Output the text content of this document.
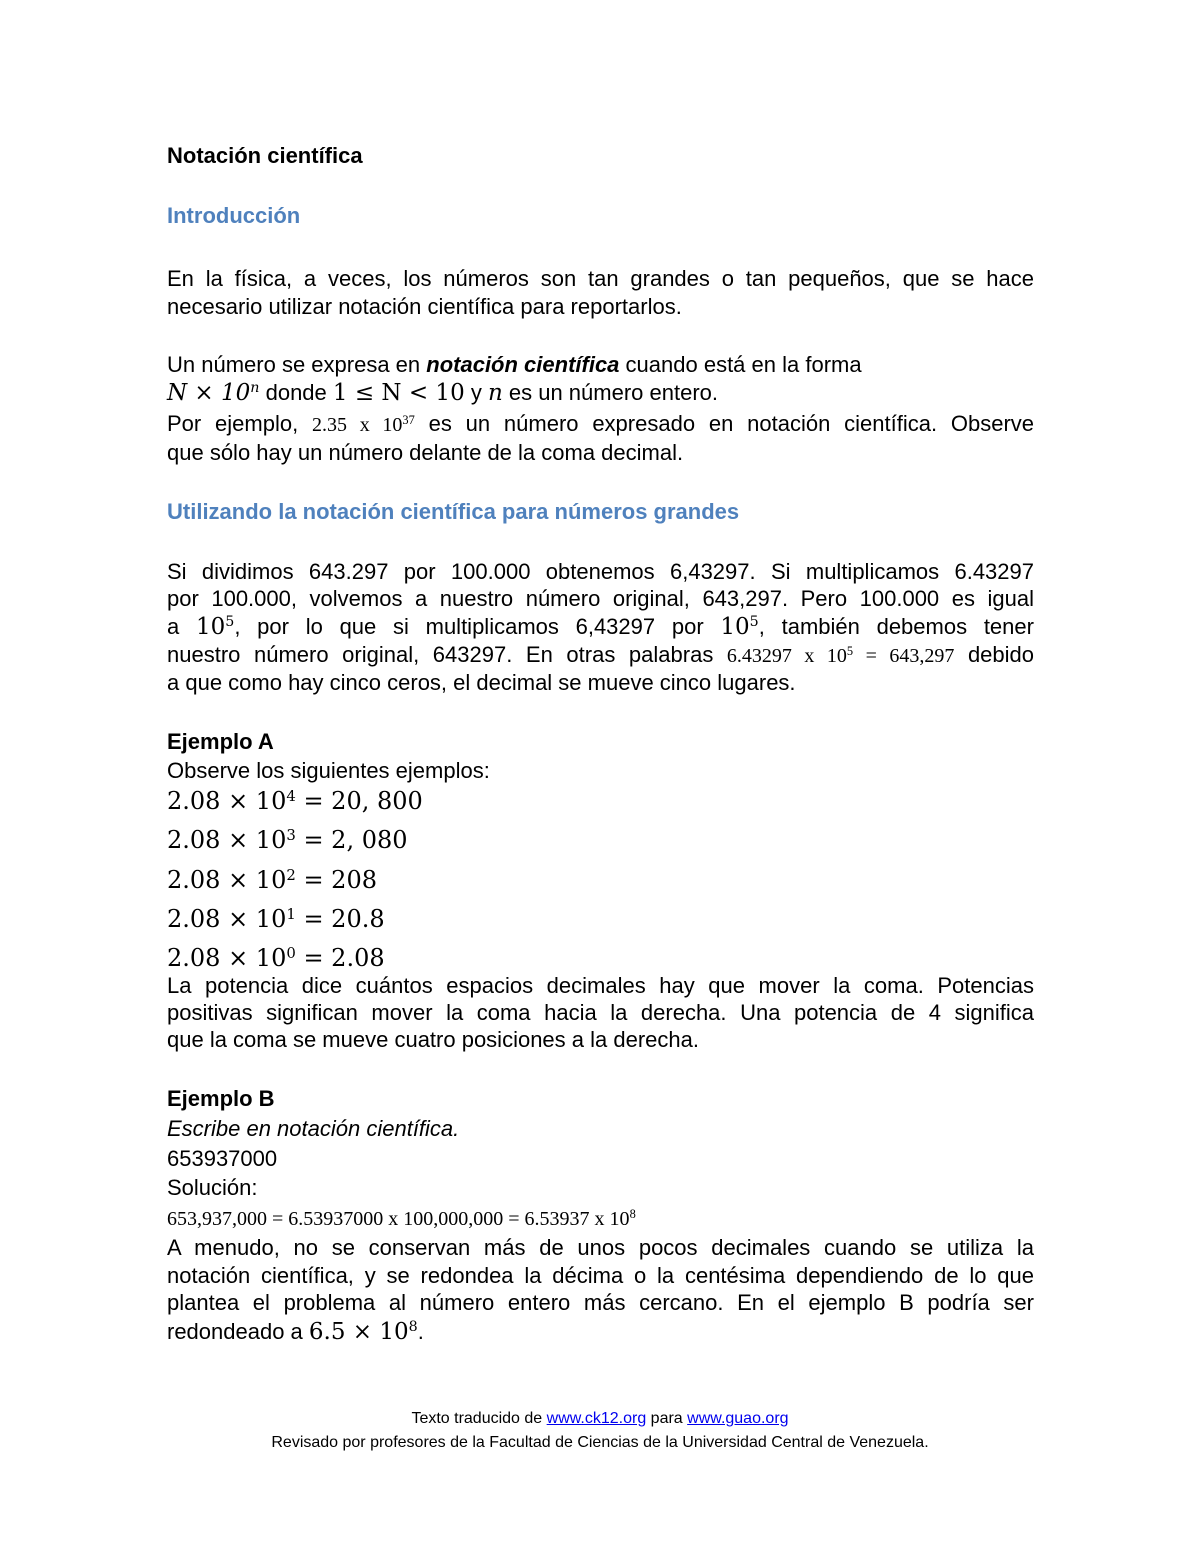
Notación científica
Introducción
En la física, a veces, los números son tan grandes o tan pequeños, que se hace
necesario utilizar notación científica para reportarlos.
Un número se expresa en notación científica cuando está en la forma
$N \times 10^n$ donde 1 ≤ N < 10 y n es un número entero.
Por ejemplo, 2.35 x $10^{37}$ es un número expresado en notación científica. Observe
que sólo hay un número delante de la coma decimal.
Utilizando la notación científica para números grandes
Si dividimos 643.297 por 100.000 obtenemos 6,43297. Si multiplicamos 6.43297
por 100.000, volvemos a nuestro número original, 643,297. Pero 100.000 es igual
a $10^5$, por lo que si multiplicamos 6,43297 por $10^5$, también debemos tener
nuestro número original, 643297. En otras palabras 6.43297 x $10^5 = 643,297$ debido
a que como hay cinco ceros, el decimal se mueve cinco lugares.
Ejemplo A
Observe los siguientes ejemplos:
$2.08 \times 10^4 = 20$, 800
$2.08 \times 10^3 = 2$, 080
$2.08 \times 10^2 = 208$
$2.08 \times 10^1 = 20.8$
$2.08 \times 10^0 = 2.08$
La potencia dice cuántos espacios decimales hay que mover la coma. Potencias
positivas significan mover la coma hacia la derecha. Una potencia de 4 significa
que la coma se mueve cuatro posiciones a la derecha.
Ejemplo B
Escribe en notación científica.
653937000
Solución:
653,937,000 = 6.53937000 x 100,000,000 = 6.53937 x $10^8$
A menudo, no se conservan más de unos pocos decimales cuando se utiliza la
notación científica, y se redondea la décima o la centésima dependiendo de lo que
plantea el problema al número entero más cercano. En el ejemplo B podría ser
redondeado a $6.5 \times 10^8$.
Texto traducido de www.ck12.org para www.guao.org
Revisado por profesores de la Facultad de Ciencias de la Universidad Central de Venezuela.
